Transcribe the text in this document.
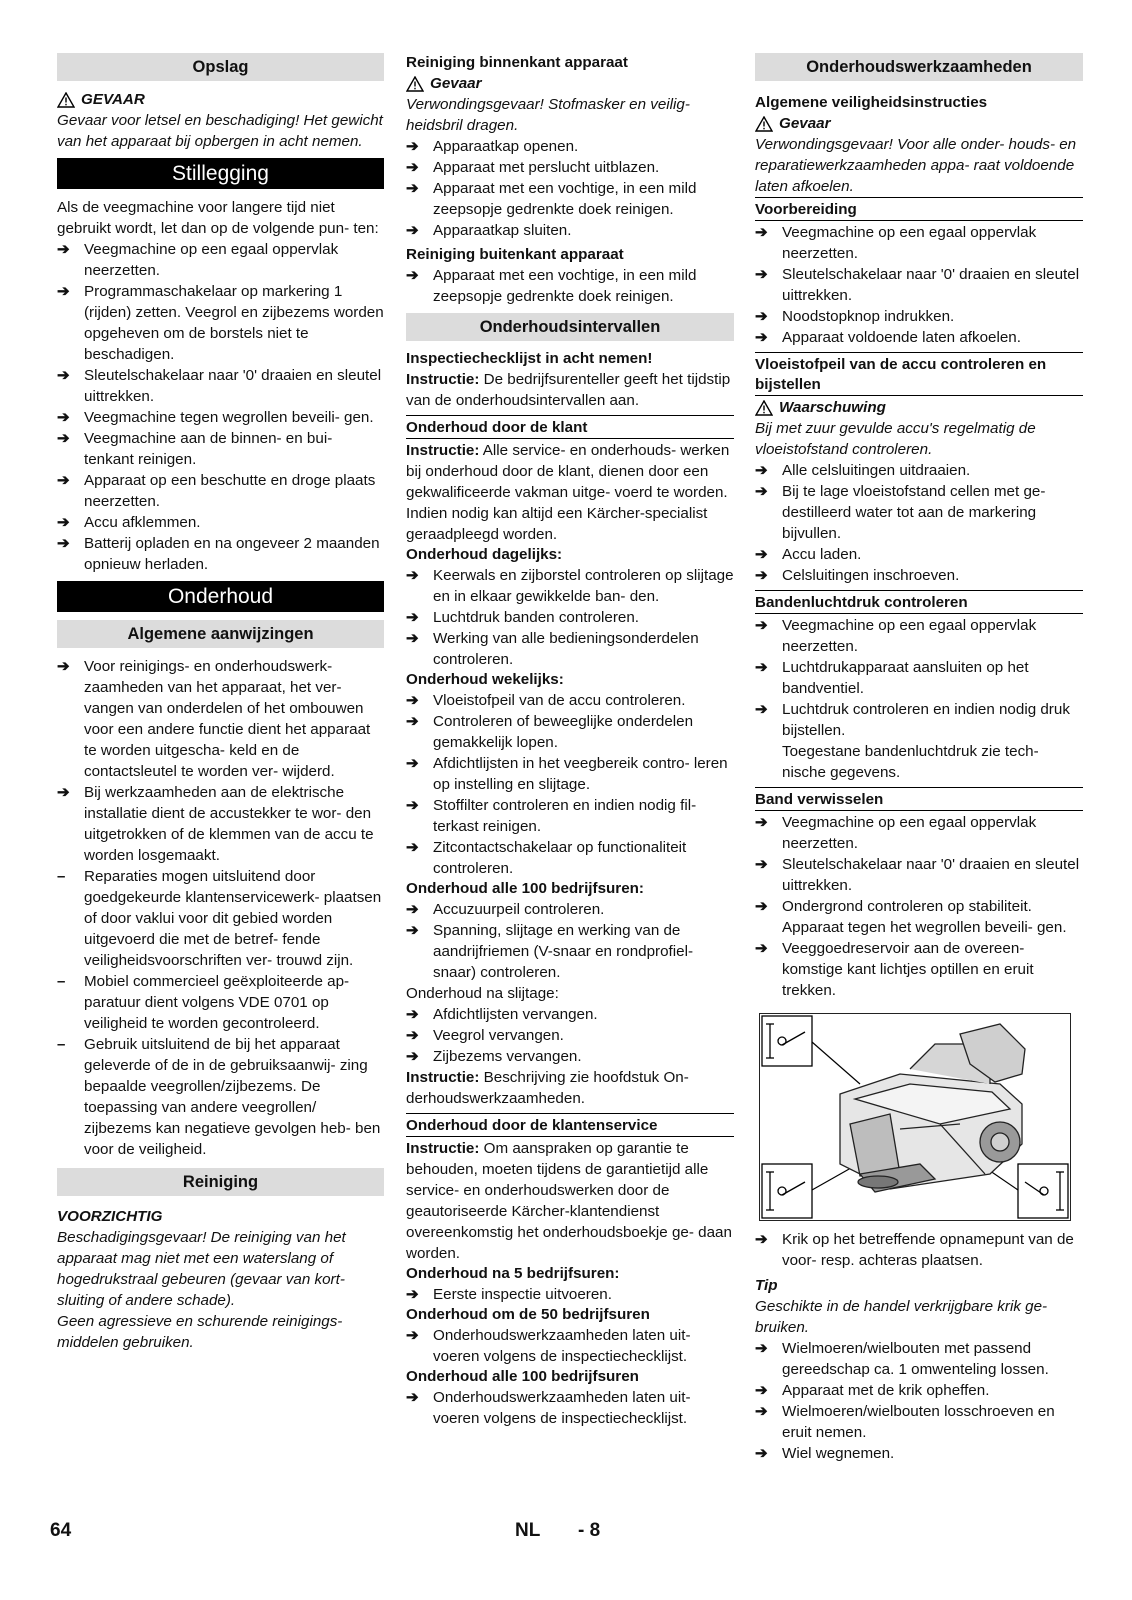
Opslag
GEVAAR
Gevaar voor letsel en beschadiging! Het gewicht van het apparaat bij opbergen in acht nemen.
Stillegging
Als de veegmachine voor langere tijd niet gebruikt wordt, let dan op de volgende pun- ten:
➔ Veegmachine op een egaal oppervlak neerzetten.
➔ Programmaschakelaar op markering 1 (rijden) zetten. Veegrol en zijbezems worden opgeheven om de borstels niet te beschadigen.
➔ Sleutelschakelaar naar '0' draaien en sleutel uittrekken.
➔ Veegmachine tegen wegrollen beveili- gen.
➔ Veegmachine aan de binnen- en bui- tenkant reinigen.
➔ Apparaat op een beschutte en droge plaats neerzetten.
➔ Accu afklemmen.
➔ Batterij opladen en na ongeveer 2 maanden opnieuw herladen.
Onderhoud
Algemene aanwijzingen
➔ Voor reinigings- en onderhoudswerk- zaamheden van het apparaat, het ver- vangen van onderdelen of het ombouwen voor een andere functie dient het apparaat te worden uitgescha- keld en de contactsleutel te worden ver- wijderd.
➔ Bij werkzaamheden aan de elektrische installatie dient de accustekker te wor- den uitgetrokken of de klemmen van de accu te worden losgemaakt.
–	Reparaties mogen uitsluitend door goedgekeurde klantenservicewerk- plaatsen of door vaklui voor dit gebied worden uitgevoerd die met de betref- fende veiligheidsvoorschriften ver- trouwd zijn.
–	Mobiel commercieel geëxploiteerde ap- paratuur dient volgens VDE 0701 op veiligheid te worden gecontroleerd.
–	Gebruik uitsluitend de bij het apparaat geleverde of de in de gebruiksaanwij- zing bepaalde veegrollen/zijbezems. De toepassing van andere veegrollen/ zijbezems kan negatieve gevolgen heb- ben voor de veiligheid.
Reiniging
VOORZICHTIG
Beschadigingsgevaar! De reiniging van het apparaat mag niet met een waterslang of hogedrukstraal gebeuren (gevaar van kort- sluiting of andere schade).
Geen agressieve en schurende reinigings- middelen gebruiken.
Reiniging binnenkant apparaat
Gevaar
Verwondingsgevaar! Stofmasker en veilig- heidsbril dragen.
➔ Apparaatkap openen.
➔ Apparaat met perslucht uitblazen.
➔ Apparaat met een vochtige, in een mild zeepsopje gedrenkte doek reinigen.
➔ Apparaatkap sluiten.
Reiniging buitenkant apparaat
➔ Apparaat met een vochtige, in een mild zeepsopje gedrenkte doek reinigen.
Onderhoudsintervallen
Inspectiechecklijst in acht nemen!
Instructie: De bedrijfsurenteller geeft het tijdstip van de onderhoudsintervallen aan.
Onderhoud door de klant
Instructie: Alle service- en onderhouds- werken bij onderhoud door de klant, dienen door een gekwalificeerde vakman uitge- voerd te worden. Indien nodig kan altijd een Kärcher-specialist geraadpleegd worden.
Onderhoud dagelijks:
➔ Keerwals en zijborstel controleren op slijtage en in elkaar gewikkelde ban- den.
➔ Luchtdruk banden controleren.
➔ Werking van alle bedieningsonderdelen controleren.
Onderhoud wekelijks:
➔ Vloeistofpeil van de accu controleren.
➔ Controleren of beweeglijke onderdelen gemakkelijk lopen.
➔ Afdichtlijsten in het veegbereik contro- leren op instelling en slijtage.
➔ Stoffilter controleren en indien nodig fil- terkast reinigen.
➔ Zitcontactschakelaar op functionaliteit controleren.
Onderhoud alle 100 bedrijfsuren:
➔ Accuzuurpeil controleren.
➔ Spanning, slijtage en werking van de aandrijfriemen (V-snaar en rondprofiel- snaar) controleren.
Onderhoud na slijtage:
➔ Afdichtlijsten vervangen.
➔ Veegrol vervangen.
➔ Zijbezems vervangen.
Instructie: Beschrijving zie hoofdstuk On- derhoudswerkzaamheden.
Onderhoud door de klantenservice
Instructie: Om aanspraken op garantie te behouden, moeten tijdens de garantietijd alle service- en onderhoudswerken door de geautoriseerde Kärcher-klantendienst overeenkomstig het onderhoudsboekje ge- daan worden.
Onderhoud na 5 bedrijfsuren:
➔ Eerste inspectie uitvoeren.
Onderhoud om de 50 bedrijfsuren
➔ Onderhoudswerkzaamheden laten uit- voeren volgens de inspectiechecklijst.
Onderhoud alle 100 bedrijfsuren
➔ Onderhoudswerkzaamheden laten uit- voeren volgens de inspectiechecklijst.
Onderhoudswerkzaamheden
Algemene veiligheidsinstructies
Gevaar
Verwondingsgevaar! Voor alle onder- houds- en reparatiewerkzaamheden appa- raat voldoende laten afkoelen.
Voorbereiding
➔ Veegmachine op een egaal oppervlak neerzetten.
➔ Sleutelschakelaar naar '0' draaien en sleutel uittrekken.
➔ Noodstopknop indrukken.
➔ Apparaat voldoende laten afkoelen.
Vloeistofpeil van de accu controleren en bijstellen
Waarschuwing
Bij met zuur gevulde accu's regelmatig de vloeistofstand controleren.
➔ Alle celsluitingen uitdraaien.
➔ Bij te lage vloeistofstand cellen met ge- destilleerd water tot aan de markering bijvullen.
➔ Accu laden.
➔ Celsluitingen inschroeven.
Bandenluchtdruk controleren
➔ Veegmachine op een egaal oppervlak neerzetten.
➔ Luchtdrukapparaat aansluiten op het bandventiel.
➔ Luchtdruk controleren en indien nodig druk bijstellen.
Toegestane bandenluchtdruk zie tech- nische gegevens.
Band verwisselen
➔ Veegmachine op een egaal oppervlak neerzetten.
➔ Sleutelschakelaar naar '0' draaien en sleutel uittrekken.
➔ Ondergrond controleren op stabiliteit. Apparaat tegen het wegrollen beveili- gen.
➔ Veeggoedreservoir aan de overeen- komstige kant lichtjes optillen en eruit trekken.
➔ Krik op het betreffende opnamepunt van de voor- resp. achteras plaatsen.
Tip
Geschikte in de handel verkrijgbare krik ge- bruiken.
➔ Wielmoeren/wielbouten met passend gereedschap ca. 1 omwenteling lossen.
➔ Apparaat met de krik opheffen.
➔ Wielmoeren/wielbouten losschroeven en eruit nemen.
➔ Wiel wegnemen.
64	NL - 8
